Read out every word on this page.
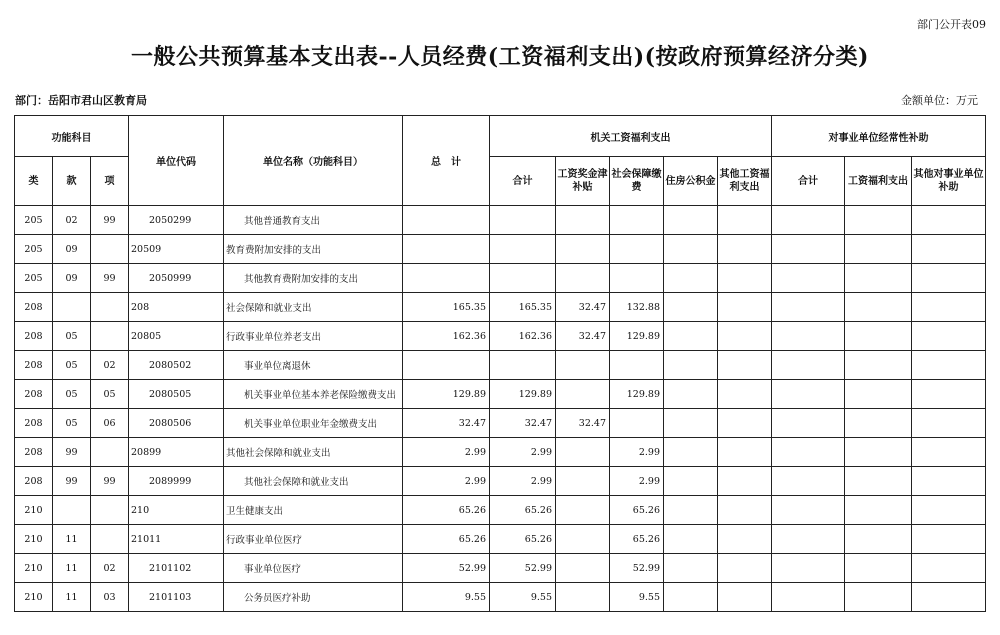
部门公开表09
一般公共预算基本支出表--人员经费(工资福利支出)(按政府预算经济分类)
部门：岳阳市君山区教育局	金额单位：万元
功能科目			单位代码	单位名称（功能科目）	总　计	机关工资福利支出					对事业单位经常性补助		
类	款	项				合计	工资奖金津补贴	社会保障缴费	住房公积金	其他工资福利支出	合计	工资福利支出	其他对事业单位补助
205	02	99	2050299	其他普通教育支出									
205	09		20509	教育费附加安排的支出									
205	09	99	2050999	其他教育费附加安排的支出									
208			208	社会保障和就业支出	165.35	165.35	32.47	132.88					
208	05		20805	行政事业单位养老支出	162.36	162.36	32.47	129.89					
208	05	02	2080502	事业单位离退休									
208	05	05	2080505	机关事业单位基本养老保险缴费支出	129.89	129.89		129.89					
208	05	06	2080506	机关事业单位职业年金缴费支出	32.47	32.47	32.47						
208	99		20899	其他社会保障和就业支出	2.99	2.99		2.99					
208	99	99	2089999	其他社会保障和就业支出	2.99	2.99		2.99					
210			210	卫生健康支出	65.26	65.26		65.26					
210	11		21011	行政事业单位医疗	65.26	65.26		65.26					
210	11	02	2101102	事业单位医疗	52.99	52.99		52.99					
210	11	03	2101103	公务员医疗补助	9.55	9.55		9.55					
